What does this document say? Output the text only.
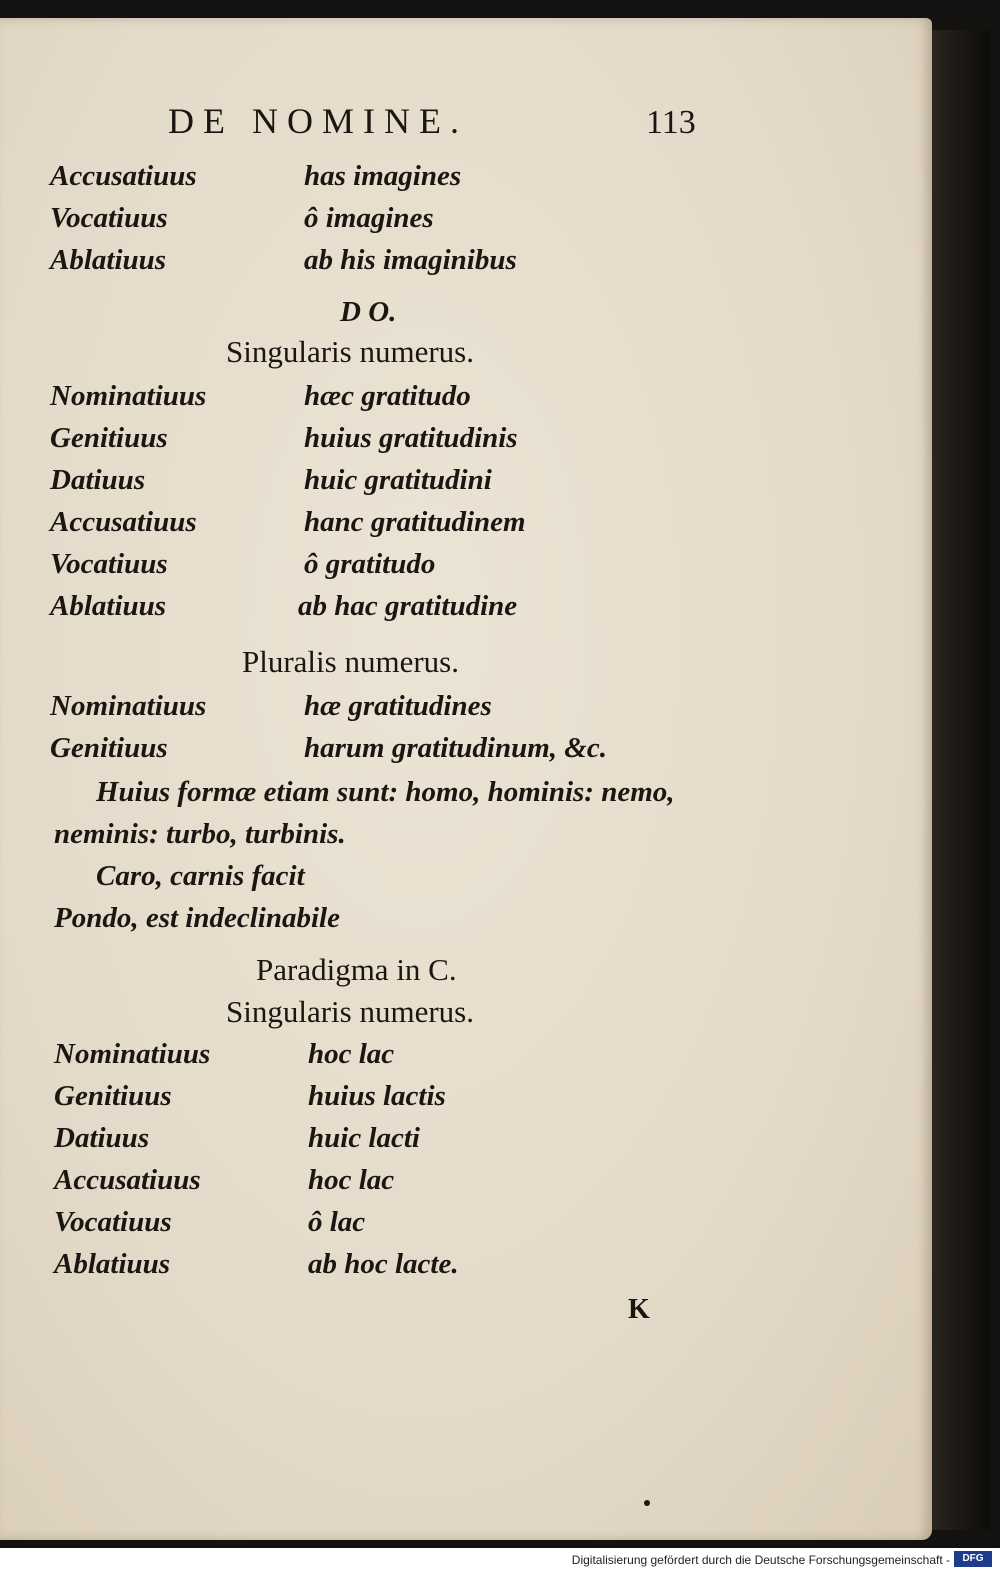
DE NOMINE.	113
Accusatiuus	has imagines
Vocatiuus	ô imagines
Ablatiuus	ab his imaginibus
D O.
Singularis numerus.
Nominatiuus	hæc gratitudo
Genitiuus	huius gratitudinis
Datiuus	huic gratitudini
Accusatiuus	hanc gratitudinem
Vocatiuus	ô gratitudo
Ablatiuus	ab hac gratitudine
Pluralis numerus.
Nominatiuus	hæ gratitudines
Genitiuus	harum gratitudinum, &c.
Huius formæ etiam sunt: homo, hominis: nemo,
neminis: turbo, turbinis.
Caro, carnis facit
Pondo, est indeclinabile
Paradigma in C.
Singularis numerus.
Nominatiuus	hoc lac
Genitiuus	huius lactis
Datiuus	huic lacti
Accusatiuus	hoc lac
Vocatiuus	ô lac
Ablatiuus	ab hoc lacte.
K
Digitalisierung gefördert durch die Deutsche Forschungsgemeinschaft -	DFG
